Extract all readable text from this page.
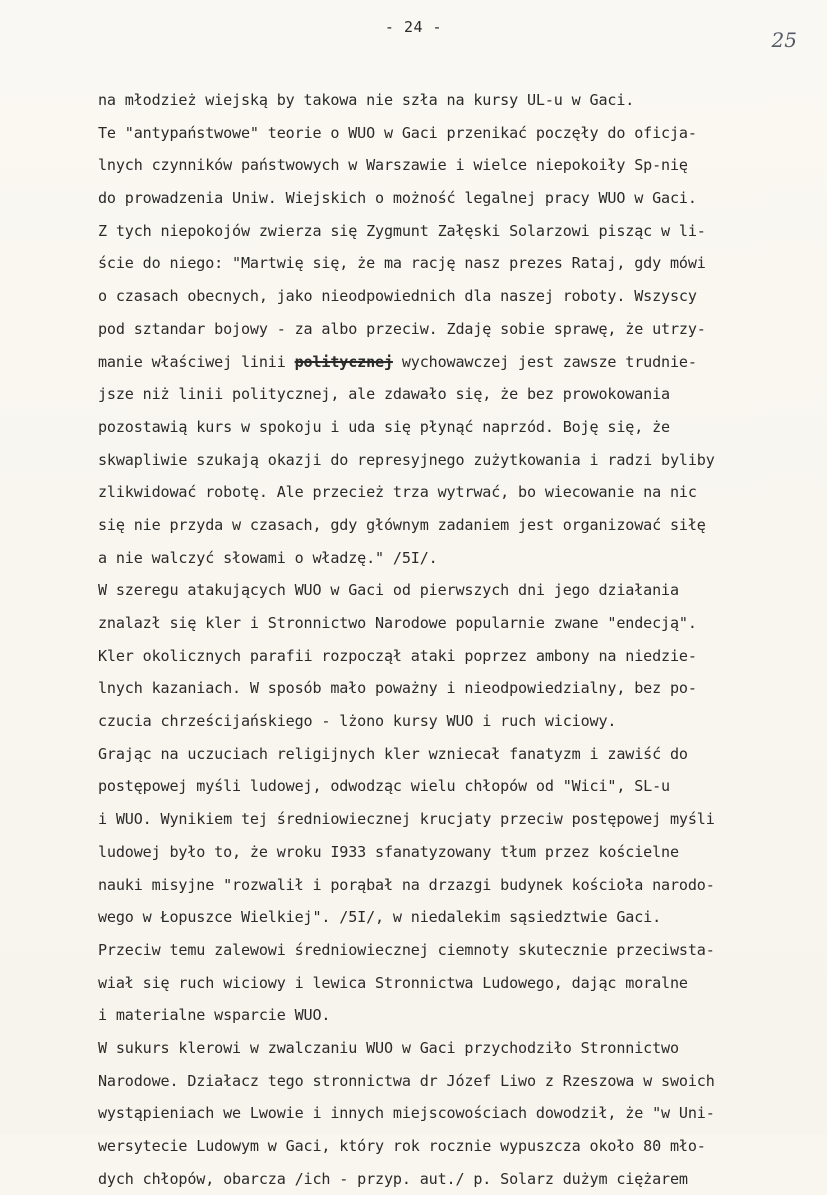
- 24 -
25
na młodzież wiejską by takowa nie szła na kursy UL-u w Gaci.
Te "antypaństwowe" teorie o WUO w Gaci przenikać poczęły do oficja-
lnych czynników państwowych w Warszawie i wielce niepokoiły Sp-nię
do prowadzenia Uniw. Wiejskich o możność legalnej pracy WUO w Gaci.
Z tych niepokojów zwierza się Zygmunt Załęski Solarzowi pisząc w li-
ście do niego: "Martwię się, że ma rację nasz prezes Rataj, gdy mówi
o czasach obecnych, jako nieodpowiednich dla naszej roboty. Wszyscy
pod sztandar bojowy - za albo przeciw. Zdaję sobie sprawę, że utrzy-
manie właściwej linii politycznej wychowawczej jest zawsze trudnie-
jsze niż linii politycznej, ale zdawało się, że bez prowokowania
pozostawią kurs w spokoju i uda się płynąć naprzód. Boję się, że
skwapliwie szukają okazji do represyjnego zużytkowania i radzi byliby
zlikwidować robotę. Ale przecież trza wytrwać, bo wiecowanie na nic
się nie przyda w czasach, gdy głównym zadaniem jest organizować siłę
a nie walczyć słowami o władzę." /5I/.
W szeregu atakujących WUO w Gaci od pierwszych dni jego działania
znalazł się kler i Stronnictwo Narodowe popularnie zwane "endecją".
Kler okolicznych parafii rozpoczął ataki poprzez ambony na niedzie-
lnych kazaniach. W sposób mało poważny i nieodpowiedzialny, bez po-
czucia chrześcijańskiego - lżono kursy WUO i ruch wiciowy.
Grając na uczuciach religijnych kler wzniecał fanatyzm i zawiść do
postępowej myśli ludowej, odwodząc wielu chłopów od "Wici", SL-u
i WUO. Wynikiem tej średniowiecznej krucjaty przeciw postępowej myśli
ludowej było to, że wroku I933 sfanatyzowany tłum przez kościelne
nauki misyjne "rozwalił i porąbał na drzazgi budynek kościoła narodo-
wego w Łopuszce Wielkiej". /5I/, w niedalekim sąsiedztwie Gaci.
Przeciw temu zalewowi średniowiecznej ciemnoty skutecznie przeciwsta-
wiał się ruch wiciowy i lewica Stronnictwa Ludowego, dając moralne
i materialne wsparcie WUO.
W sukurs klerowi w zwalczaniu WUO w Gaci przychodziło Stronnictwo
Narodowe. Działacz tego stronnictwa dr Józef Liwo z Rzeszowa w swoich
wystąpieniach we Lwowie i innych miejscowościach dowodził, że "w Uni-
wersytecie Ludowym w Gaci, który rok rocznie wypuszcza około 80 mło-
dych chłopów, obarcza /ich - przyp. aut./ p. Solarz dużym ciężarem
